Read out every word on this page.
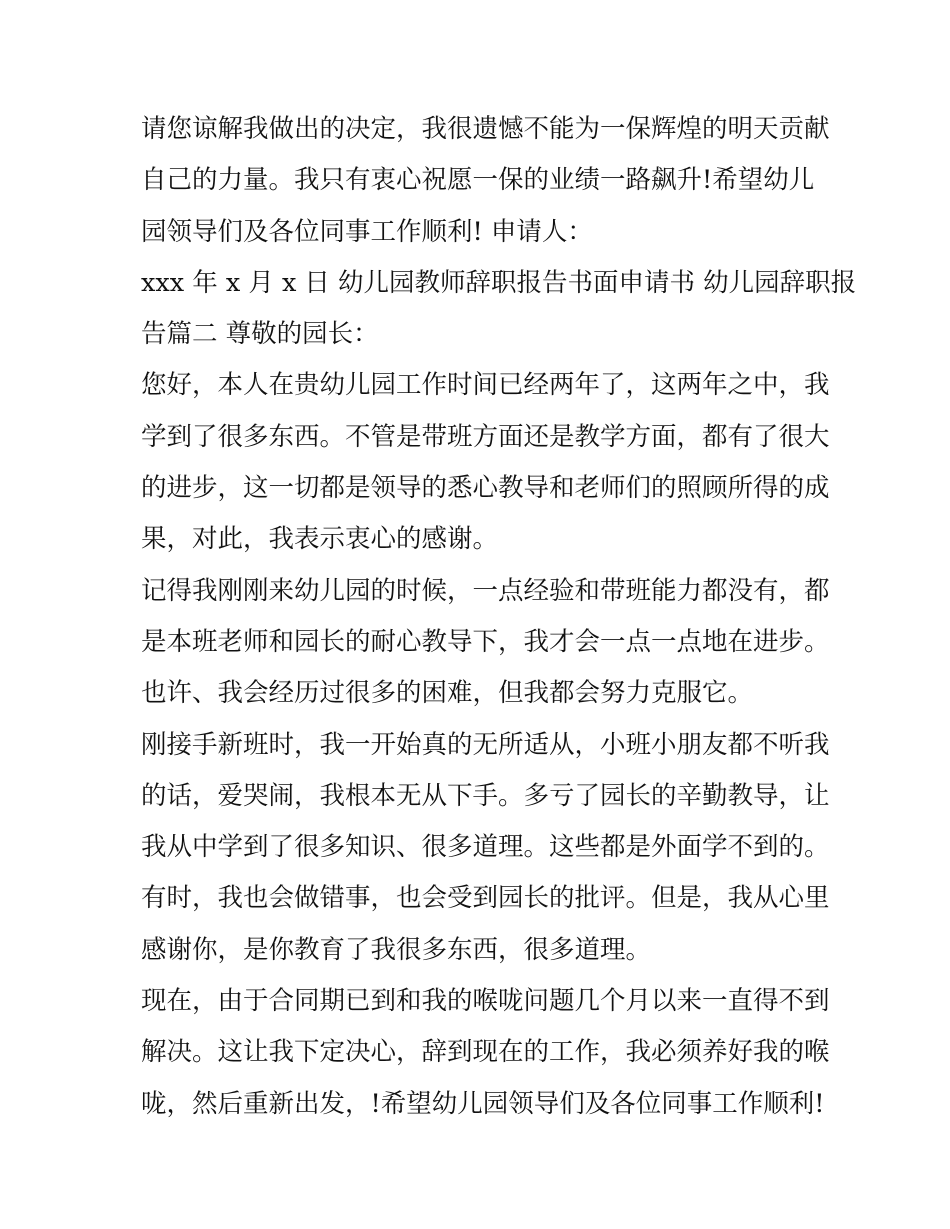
请您谅解我做出的决定，我很遗憾不能为一保辉煌的明天贡献
自己的力量。我只有衷心祝愿一保的业绩一路飙升!希望幼儿
园领导们及各位同事工作顺利! 申请人：
xxx 年 x 月 x 日 幼儿园教师辞职报告书面申请书 幼儿园辞职报
告篇二 尊敬的园长：
您好，本人在贵幼儿园工作时间已经两年了，这两年之中，我
学到了很多东西。不管是带班方面还是教学方面，都有了很大
的进步，这一切都是领导的悉心教导和老师们的照顾所得的成
果，对此，我表示衷心的感谢。
记得我刚刚来幼儿园的时候，一点经验和带班能力都没有，都
是本班老师和园长的耐心教导下，我才会一点一点地在进步。
也许、我会经历过很多的困难，但我都会努力克服它。
刚接手新班时，我一开始真的无所适从，小班小朋友都不听我
的话，爱哭闹，我根本无从下手。多亏了园长的辛勤教导，让
我从中学到了很多知识、很多道理。这些都是外面学不到的。
有时，我也会做错事，也会受到园长的批评。但是，我从心里
感谢你，是你教育了我很多东西，很多道理。
现在，由于合同期已到和我的喉咙问题几个月以来一直得不到
解决。这让我下定决心，辞到现在的工作，我必须养好我的喉
咙，然后重新出发，!希望幼儿园领导们及各位同事工作顺利!
